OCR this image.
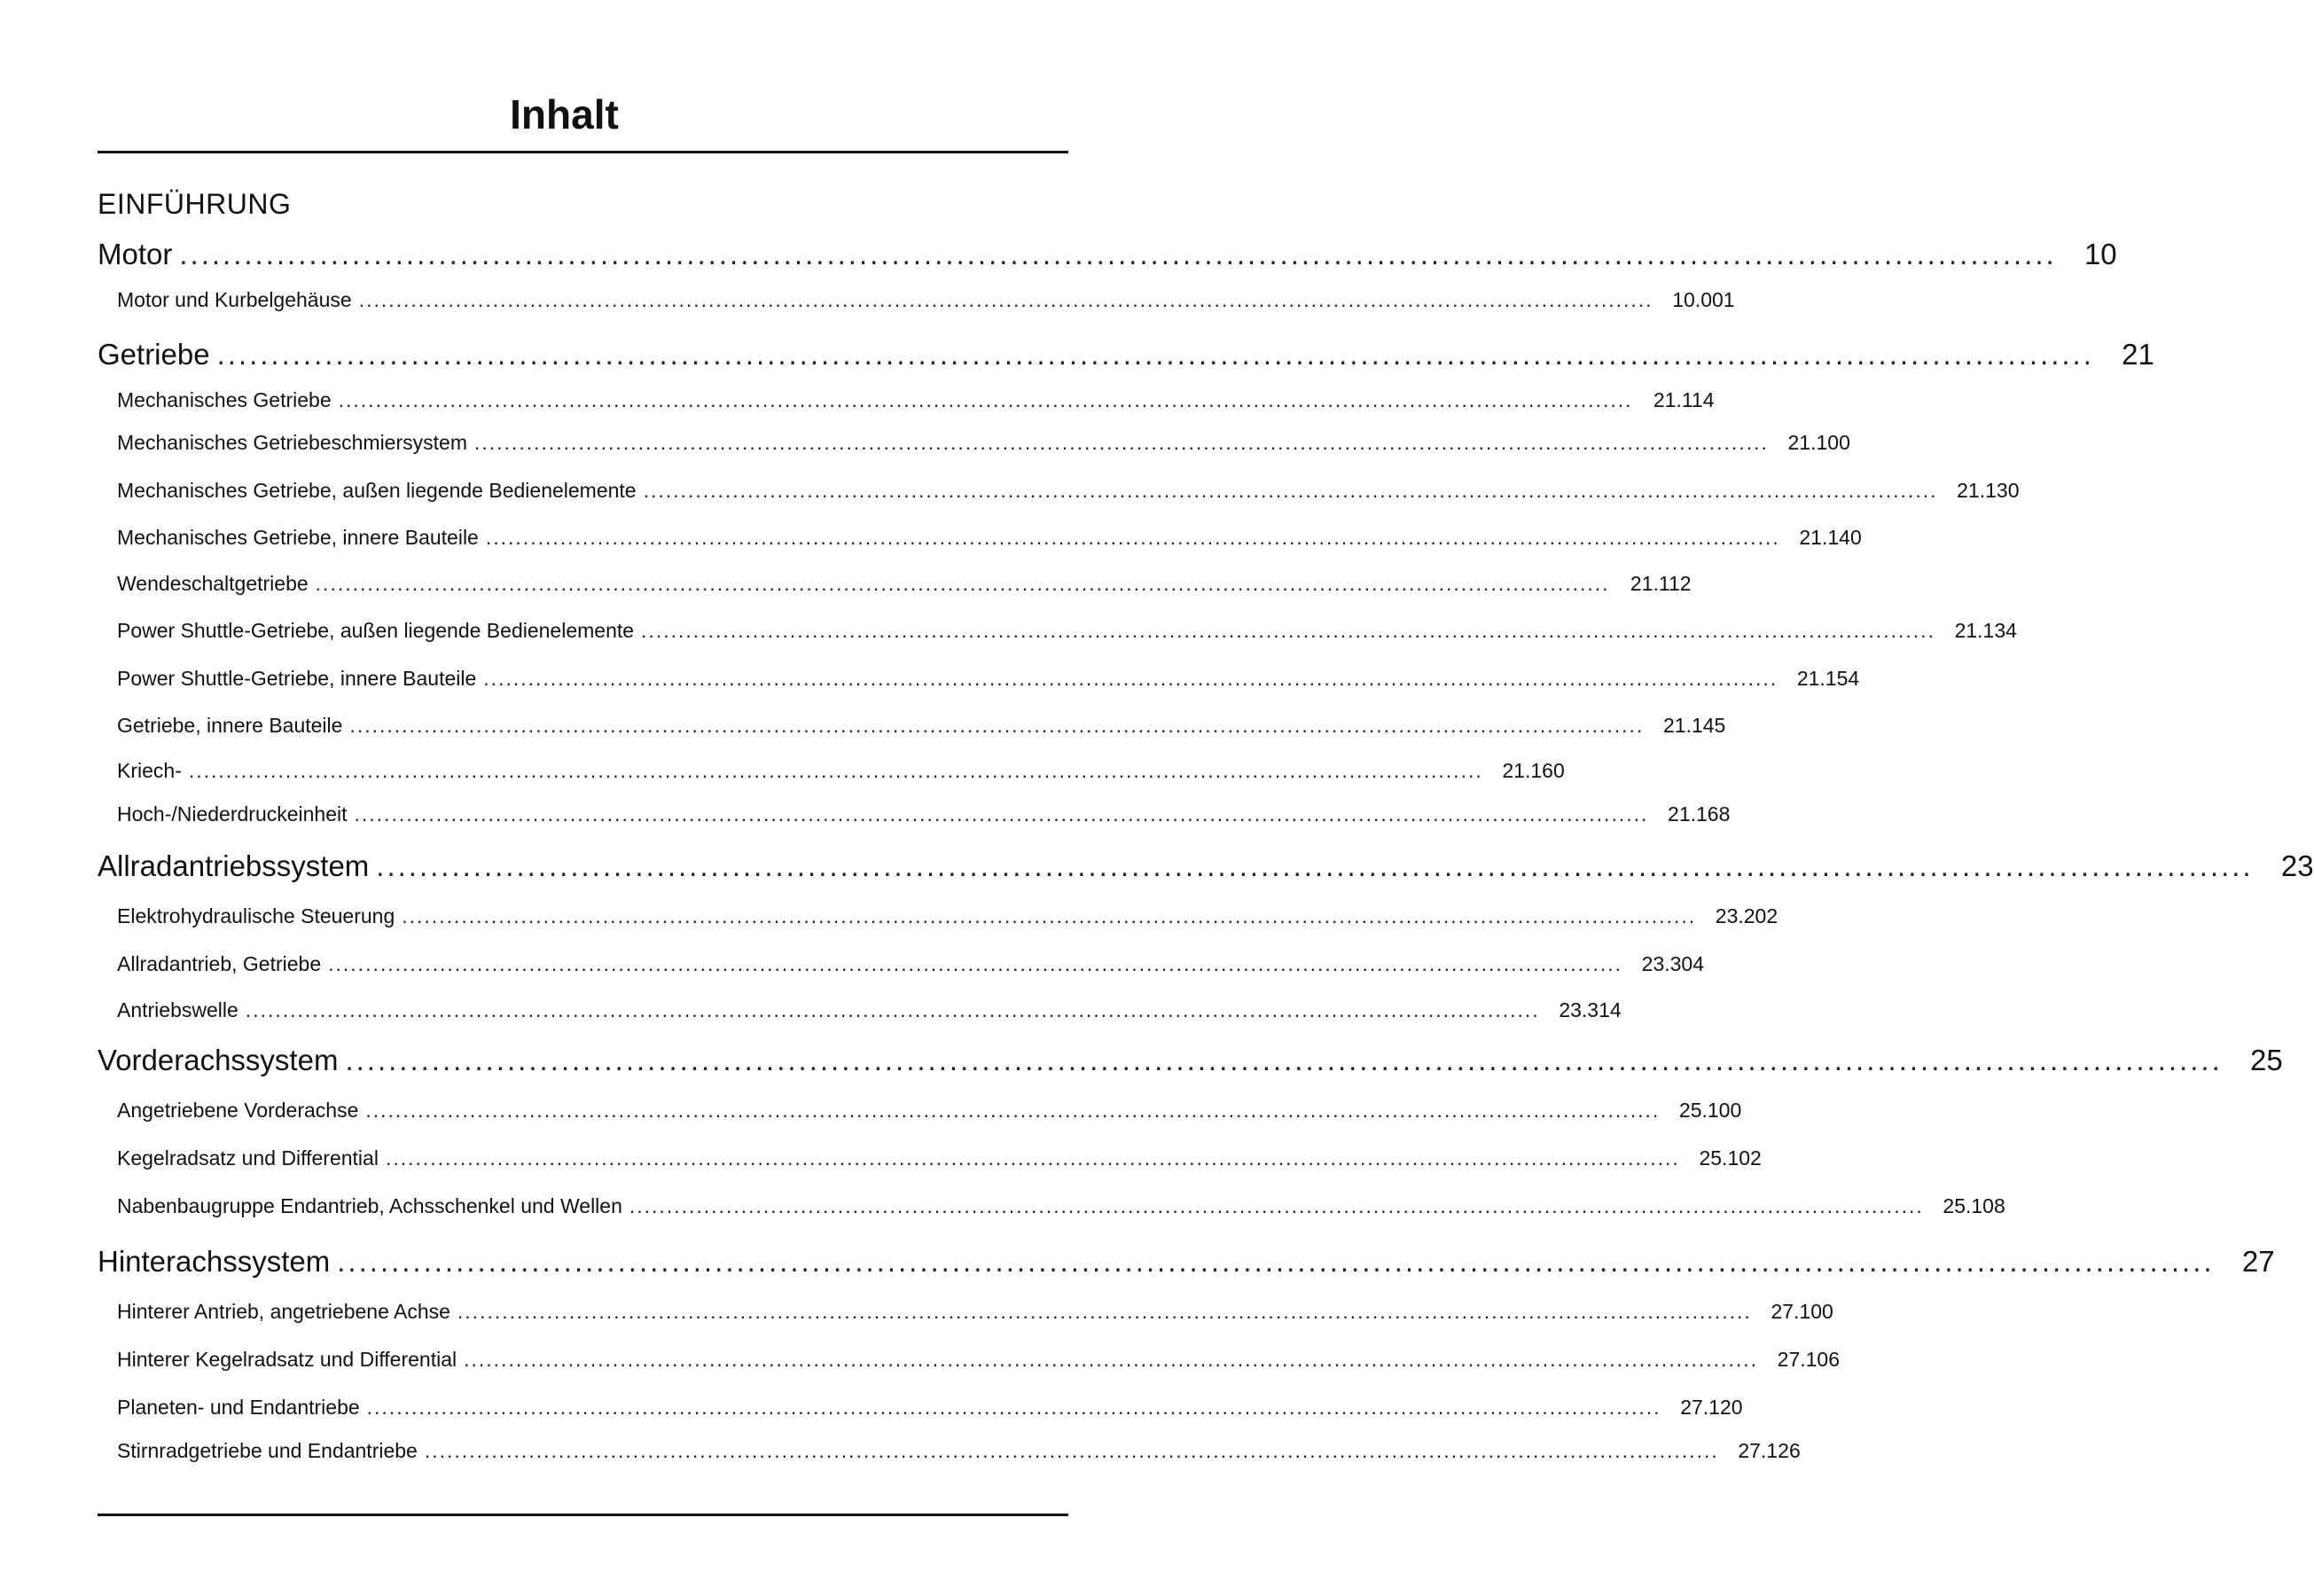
Inhalt

EINFÜHRUNG

Motor .............................................................................................................................................................................. 10
Motor und Kurbelgehäuse .............................................................................................................................................................................. 10.001
Getriebe .............................................................................................................................................................................. 21
Mechanisches Getriebe ..............................................................................................................................................................................	21.114
Mechanisches Getriebeschmiersystem .............................................................................................................................................................................. 21.100
Mechanisches Getriebe, außen liegende Bedienelemente .............................................................................................................................................................................. 21.130
Mechanisches Getriebe, innere Bauteile .............................................................................................................................................................................. 21.140
Wendeschaltgetriebe ..............................................................................................................................................................................	21.112
Power Shuttle-Getriebe, außen liegende Bedienelemente .............................................................................................................................................................................. 21.134
Power Shuttle-Getriebe, innere Bauteile .............................................................................................................................................................................. 21.154
Getriebe, innere Bauteile .............................................................................................................................................................................. 21.145
Kriech- .............................................................................................................................................................................. 21.160
Hoch-/Niederdruckeinheit .............................................................................................................................................................................. 21.168
Allradantriebssystem .............................................................................................................................................................................. 23
Elektrohydraulische Steuerung .............................................................................................................................................................................. 23.202
Allradantrieb, Getriebe .............................................................................................................................................................................. 23.304
Antriebswelle .............................................................................................................................................................................. 23.314
Vorderachssystem .............................................................................................................................................................................. 25
Angetriebene Vorderachse .............................................................................................................................................................................. 25.100
Kegelradsatz und Differential .............................................................................................................................................................................. 25.102
Nabenbaugruppe Endantrieb, Achsschenkel und Wellen .............................................................................................................................................................................. 25.108
Hinterachssystem .............................................................................................................................................................................. 27
Hinterer Antrieb, angetriebene Achse .............................................................................................................................................................................. 27.100
Hinterer Kegelradsatz und Differential .............................................................................................................................................................................. 27.106
Planeten- und Endantriebe .............................................................................................................................................................................. 27.120
Stirnradgetriebe und Endantriebe .............................................................................................................................................................................. 27.126
